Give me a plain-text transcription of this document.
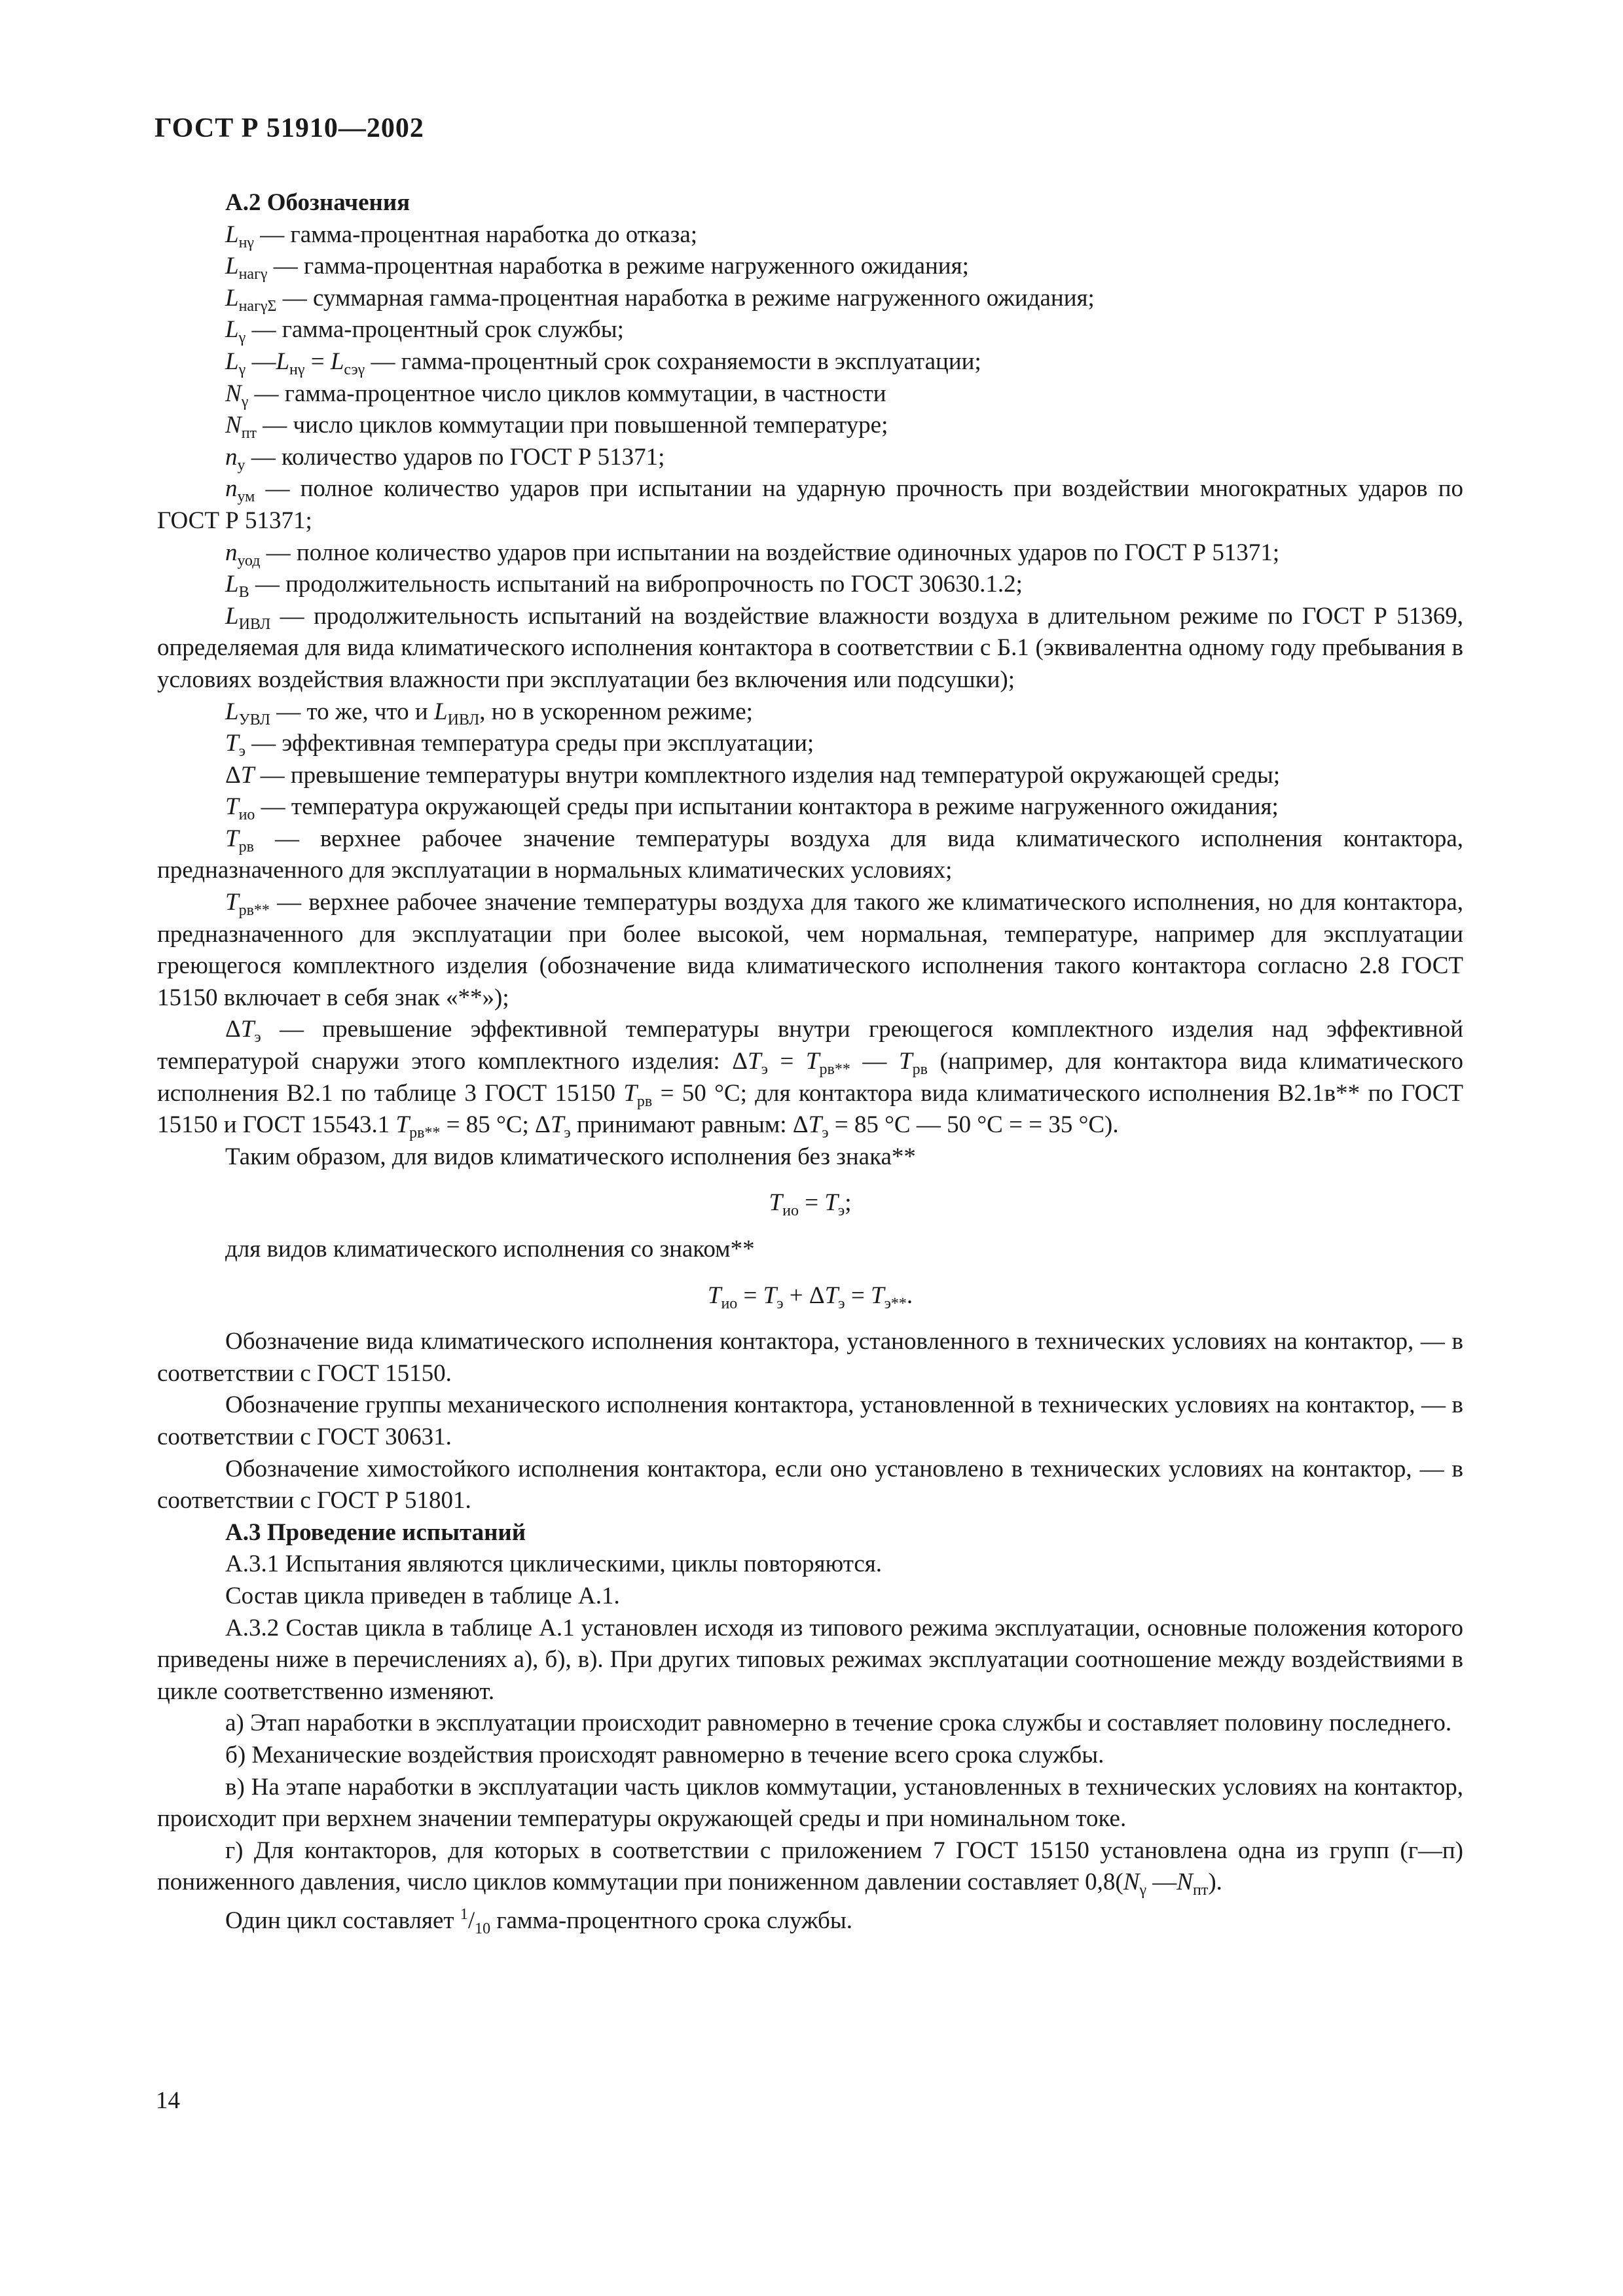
ГОСТ Р 51910—2002

А.2 Обозначения

$L_{н\gamma}$ — гамма-процентная наработка до отказа;

$L_{наг\gamma}$ — гамма-процентная наработка в режиме нагруженного ожидания;

$L_{наг\gamma\Sigma}$ — суммарная гамма-процентная наработка в режиме нагруженного ожидания;

$L_\gamma$ — гамма-процентный срок службы;

$L_\gamma$ $—L_{н\gamma} = L_{сэ\gamma}$ — гамма-процентный срок сохраняемости в эксплуатации;

$N_\gamma$ — гамма-процентное число циклов коммутации, в частности

$N_{пт}$ — число циклов коммутации при повышенной температуре;

$n_у$ — количество ударов по ГОСТ Р 51371;

$n_{ум}$ — полное количество ударов при испытании на ударную прочность при воздействии многократных ударов по ГОСТ Р 51371;

$n_{уод}$ — полное количество ударов при испытании на воздействие одиночных ударов по ГОСТ Р 51371;

$L_В$ — продолжительность испытаний на вибропрочность по ГОСТ 30630.1.2;

$L_{ИВЛ}$ — продолжительность испытаний на воздействие влажности воздуха в длительном режиме по ГОСТ Р 51369, определяемая для вида климатического исполнения контактора в соответствии с Б.1 (эквивалентна одному году пребывания в условиях воздействия влажности при эксплуатации без включения или подсушки);

$L_{УВЛ}$ — то же, что и $L_{ИВЛ}$, но в ускоренном режиме;

$T_э$ — эффективная температура среды при эксплуатации;

ΔT — превышение температуры внутри комплектного изделия над температурой окружающей среды;

$T_{ио}$ — температура окружающей среды при испытании контактора в режиме нагруженного ожидания;

$T_{рв}$ — верхнее рабочее значение температуры воздуха для вида климатического исполнения контактора, предназначенного для эксплуатации в нормальных климатических условиях;

$T_{рв**}$ — верхнее рабочее значение температуры воздуха для такого же климатического исполнения, но для контактора, предназначенного для эксплуатации при более высокой, чем нормальная, температуре, например для эксплуатации греющегося комплектного изделия (обозначение вида климатического исполнения такого контактора согласно 2.8 ГОСТ 15150 включает в себя знак «**»);

$\Delta T_э$ — превышение эффективной температуры внутри греющегося комплектного изделия над эффективной температурой снаружи этого комплектного изделия: $\Delta T_э = T_{рв**}$ — $T_{рв}$ (например, для контактора вида климатического исполнения В2.1 по таблице 3 ГОСТ 15150 $T_{рв} = 50$ °С; для контактора вида климатического исполнения В2.1в** по ГОСТ 15150 и ГОСТ 15543.1 $T_{рв**} = 85$ °С; $\Delta T_э$ принимают равным: $\Delta T_э = 85$ °С — 50 °С = = 35 °С).

Таким образом, для видов климатического исполнения без знака**

$T_{ио} = T_э$;

для видов климатического исполнения со знаком**

$T_{ио} = T_э + \Delta T_э = T_{э**}$.

Обозначение вида климатического исполнения контактора, установленного в технических условиях на контактор, — в соответствии с ГОСТ 15150.

Обозначение группы механического исполнения контактора, установленной в технических условиях на контактор, — в соответствии с ГОСТ 30631.

Обозначение химостойкого исполнения контактора, если оно установлено в технических условиях на контактор, — в соответствии с ГОСТ Р 51801.

А.3 Проведение испытаний

А.3.1 Испытания являются циклическими, циклы повторяются.

Состав цикла приведен в таблице А.1.

А.3.2 Состав цикла в таблице А.1 установлен исходя из типового режима эксплуатации, основные положения которого приведены ниже в перечислениях а), б), в). При других типовых режимах эксплуатации соотношение между воздействиями в цикле соответственно изменяют.

а) Этап наработки в эксплуатации происходит равномерно в течение срока службы и составляет половину последнего.

б) Механические воздействия происходят равномерно в течение всего срока службы.

в) На этапе наработки в эксплуатации часть циклов коммутации, установленных в технических условиях на контактор, происходит при верхнем значении температуры окружающей среды и при номинальном токе.

г) Для контакторов, для которых в соответствии с приложением 7 ГОСТ 15150 установлена одна из групп (г—п) пониженного давления, число циклов коммутации при пониженном давлении составляет $0,8(N_\gamma$ $—N_{пт}$).

Один цикл составляет $^1/_{10}$ гамма-процентного срока службы.

14
